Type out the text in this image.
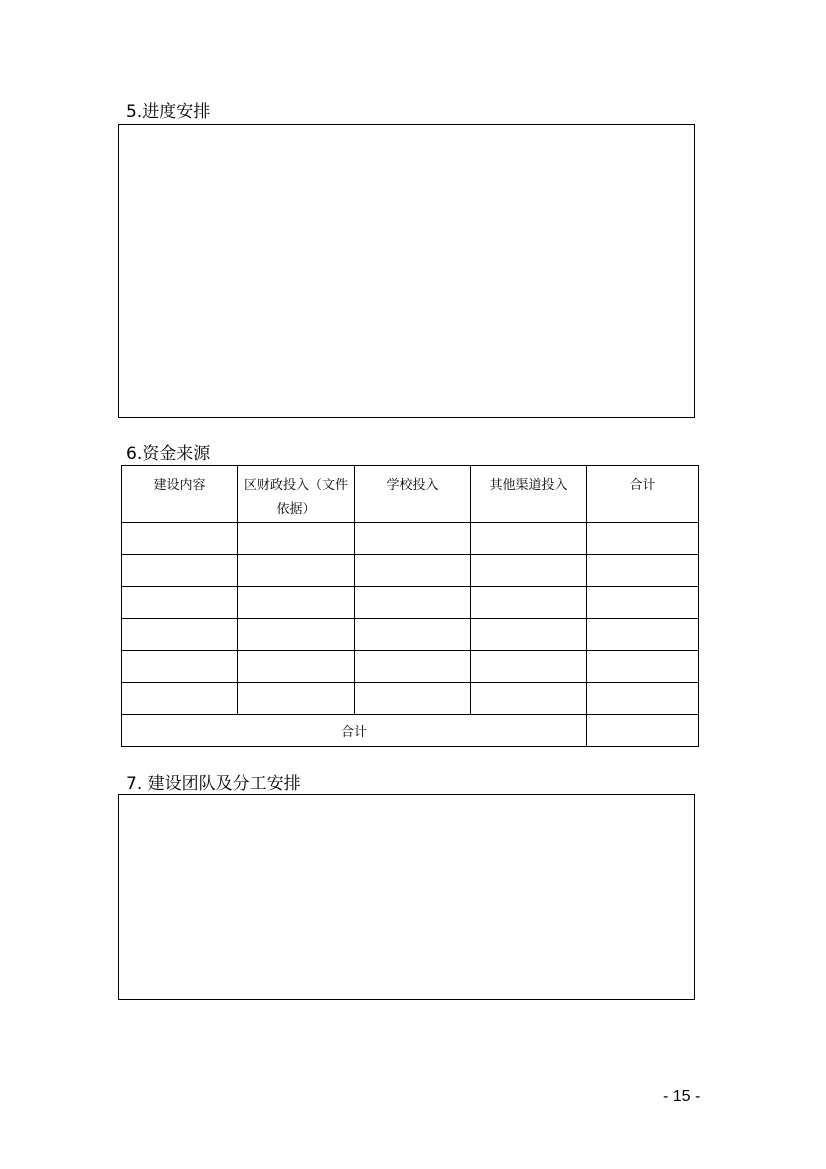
5.进度安排
6.资金来源
建设内容	区财政投入（文件依据）	学校投入	其他渠道投入	合计

合计				
7. 建设团队及分工安排
- 15 -
